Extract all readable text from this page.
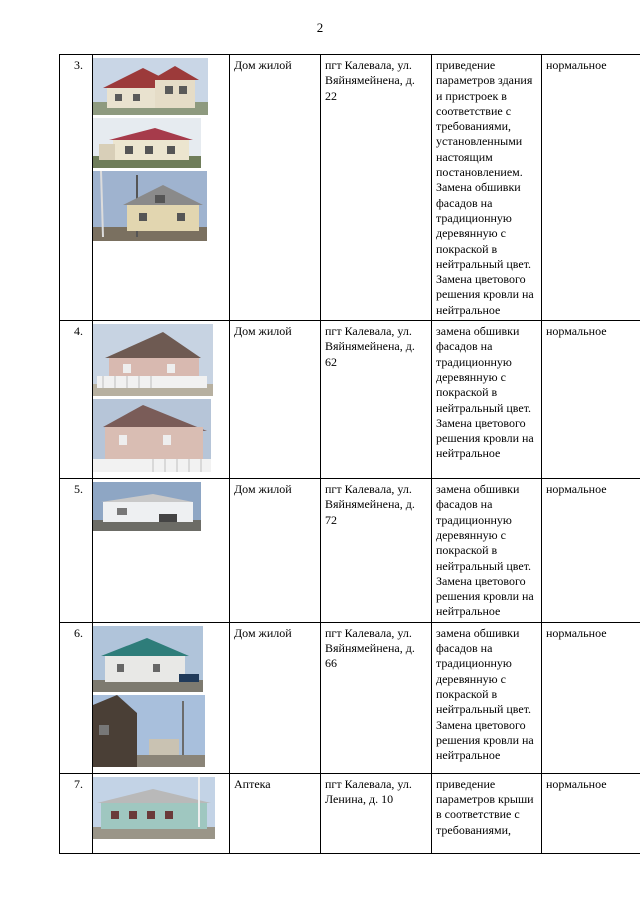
2
3.		Дом жилой	пгт Калевала, ул. Вяйнямейнена, д. 22	приведение параметров здания и пристроек в соответствие с требованиями, установленными настоящим постановлением. Замена обшивки фасадов на традиционную деревянную с покраской в нейтральный цвет. Замена цветового решения кровли на нейтральное	нормальное

4.		Дом жилой	пгт Калевала, ул. Вяйнямейнена, д. 62	замена обшивки фасадов на традиционную деревянную с покраской в нейтральный цвет. Замена цветового решения кровли на нейтральное	нормальное

5.		Дом жилой	пгт Калевала, ул. Вяйнямейнена, д. 72	замена обшивки фасадов на традиционную деревянную с покраской в нейтральный цвет. Замена цветового решения кровли на нейтральное	нормальное

6.		Дом жилой	пгт Калевала, ул. Вяйнямейнена, д. 66	замена обшивки фасадов на традиционную деревянную с покраской в нейтральный цвет. Замена цветового решения кровли на нейтральное	нормальное

7.		Аптека	пгт Калевала, ул. Ленина, д. 10	приведение параметров крыши в соответствие с требованиями,	нормальное
